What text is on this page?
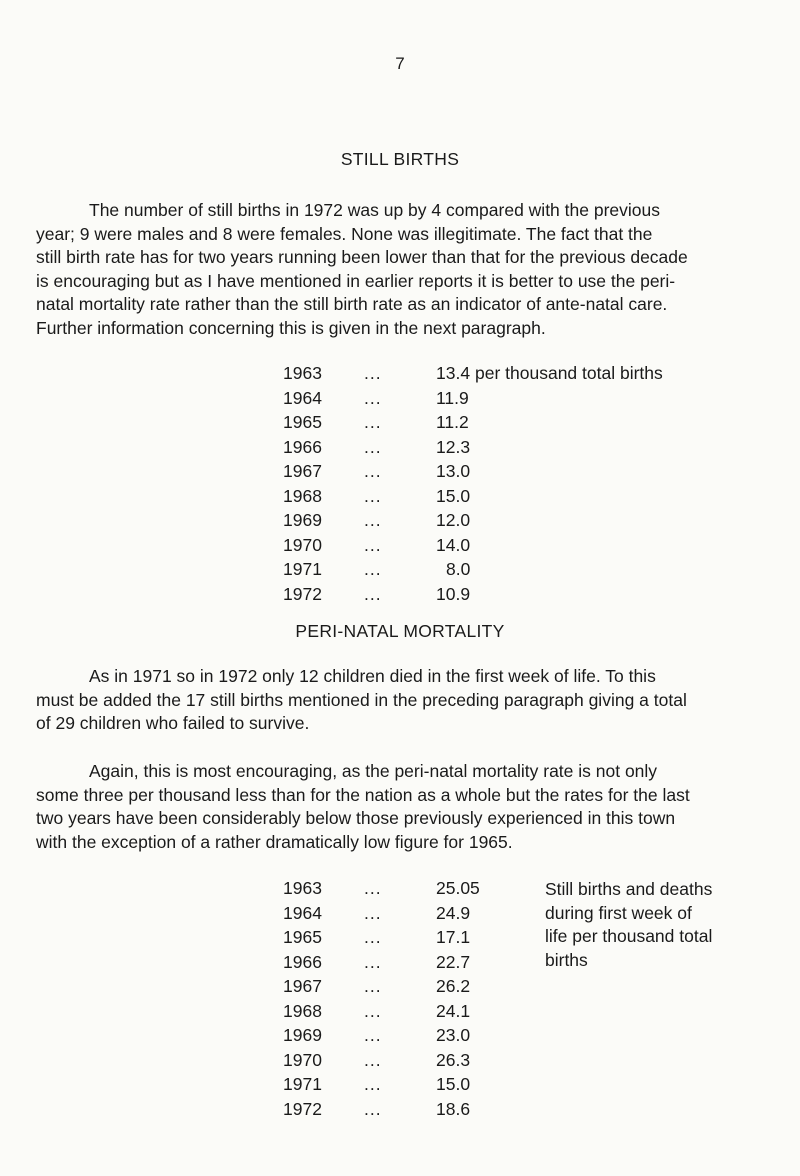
7
STILL BIRTHS

The number of still births in 1972 was up by 4 compared with the previous
year; 9 were males and 8 were females. None was illegitimate. The fact that the
still birth rate has for two years running been lower than that for the previous decade
is encouraging but as I have mentioned in earlier reports it is better to use the peri-
natal mortality rate rather than the still birth rate as an indicator of ante-natal care.
Further information concerning this is given in the next paragraph.

1963 ...	13.4 per thousand total births
1964 ...	11.9
1965 ...	11.2
1966 ...	12.3
1967 ...	13.0
1968 ...	15.0
1969 ...	12.0
1970 ...	14.0
1971 ...	8.0
1972 ...	10.9
PERI-NATAL MORTALITY

As in 1971 so in 1972 only 12 children died in the first week of life. To this
must be added the 17 still births mentioned in the preceding paragraph giving a total
of 29 children who failed to survive.

Again, this is most encouraging, as the peri-natal mortality rate is not only
some three per thousand less than for the nation as a whole but the rates for the last
two years have been considerably below those previously experienced in this town
with the exception of a rather dramatically low figure for 1965.

1963 ...	25.05
1964 ...	24.9
1965 ...	17.1
1966 ...	22.7
1967 ...	26.2
1968 ...	24.1
1969 ...	23.0
1970 ...	26.3
1971 ...	15.0
1972 ...	18.6
Still births and deaths
during first week of
life per thousand total
births
